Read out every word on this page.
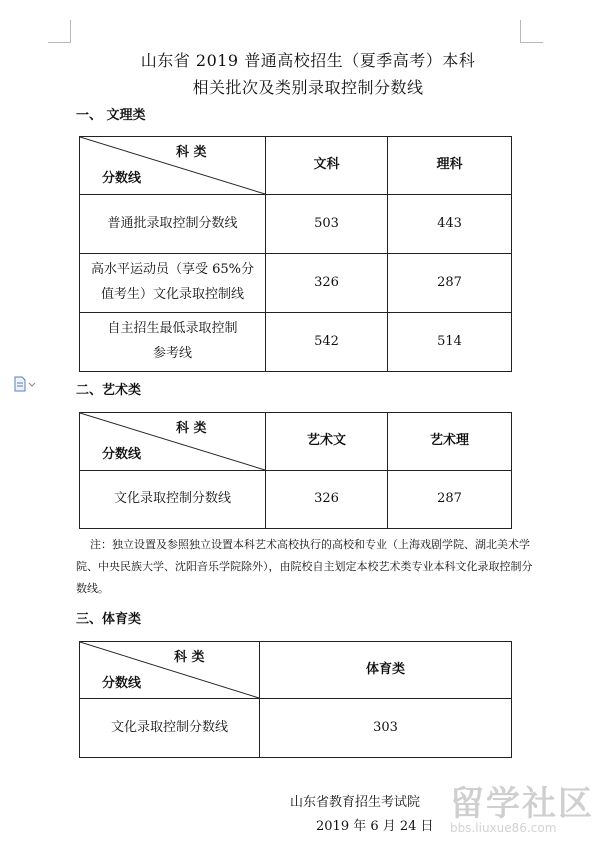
山东省 2019 普通高校招生（夏季高考）本科
相关批次及类别录取控制分数线
一、 文理类
科 类
分数线	文科	理科
普通批录取控制分数线	503	443
高水平运动员（享受 65%分值考生）文化录取控制线	326	287
自主招生最低录取控制参考线	542	514
二、艺术类
科 类
分数线	艺术文	艺术理
文化录取控制分数线	326	287
注：独立设置及参照独立设置本科艺术高校执行的高校和专业（上海戏剧学院、湖北美术学院、中央民族大学、沈阳音乐学院除外），由院校自主划定本校艺术类专业本科文化录取控制分数线。
三、体育类
科 类
分数线	体育类
文化录取控制分数线	303
山东省教育招生考试院
2019 年 6 月 24 日
留学社区
bbs.liuxue86.com
